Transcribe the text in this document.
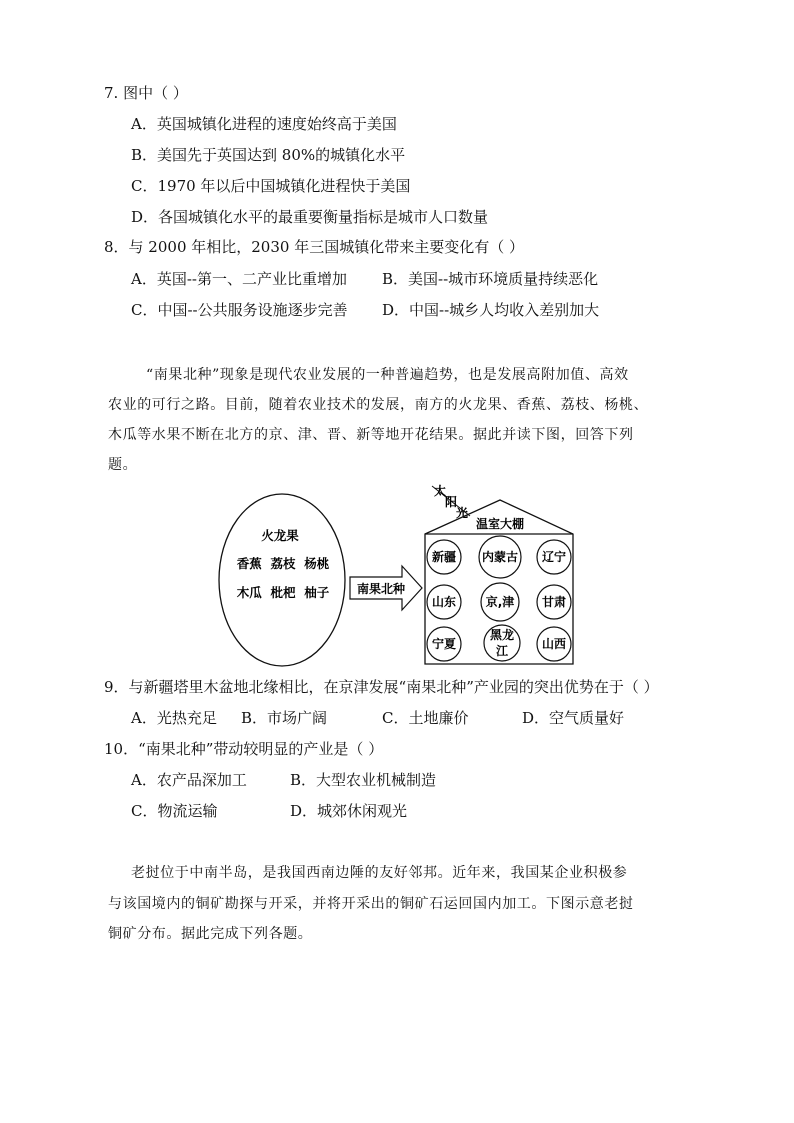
7. 图中（ ）
A．英国城镇化进程的速度始终高于美国
B．美国先于英国达到 80%的城镇化水平
C．1970 年以后中国城镇化进程快于美国
D．各国城镇化水平的最重要衡量指标是城市人口数量
8．与 2000 年相比，2030 年三国城镇化带来主要变化有（ ）
A．英国--第一、二产业比重增加 B．美国--城市环境质量持续恶化
C．中国--公共服务设施逐步完善 D．中国--城乡人均收入差别加大
“南果北种”现象是现代农业发展的一种普遍趋势，也是发展高附加值、高效
农业的可行之路。目前，随着农业技术的发展，南方的火龙果、香蕉、荔枝、杨桃、
木瓜等水果不断在北方的京、津、晋、新等地开花结果。据此并读下图，回答下列
题。
火龙果
香蕉  荔枝  杨桃
木瓜  枇杷  柚子 南果北种
太
阳
光
温室大棚
新疆 内蒙古 辽宁
山东 京,津 甘肃
宁夏
黑龙
江	山西
9．与新疆塔里木盆地北缘相比，在京津发展“南果北种”产业园的突出优势在于（ ）
A．光热充足 B．市场广阔	C．土地廉价	D．空气质量好
10．“南果北种”带动较明显的产业是（ ）
A．农产品深加工	B．大型农业机械制造
C．物流运输	D．城郊休闲观光
老挝位于中南半岛，是我国西南边陲的友好邻邦。近年来，我国某企业积极参
与该国境内的铜矿勘探与开采，并将开采出的铜矿石运回国内加工。下图示意老挝
铜矿分布。据此完成下列各题。
